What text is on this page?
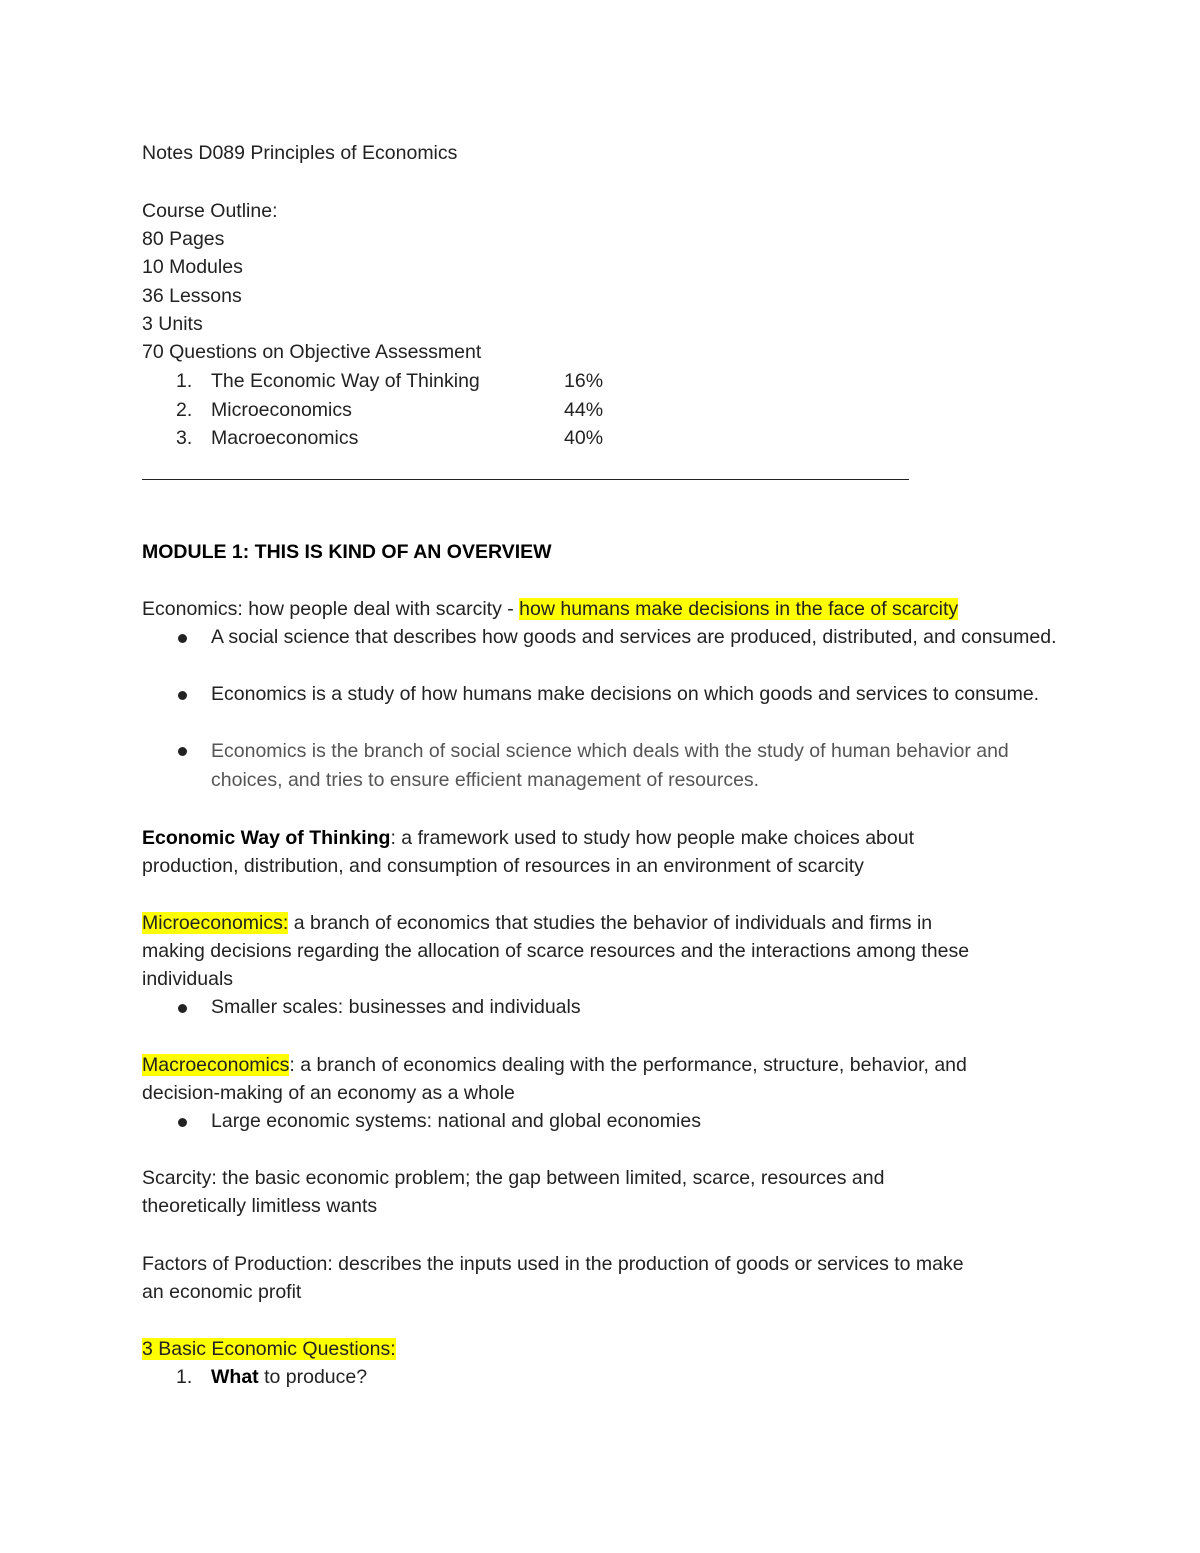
Notes D089 Principles of Economics
Course Outline:
80 Pages
10 Modules
36 Lessons
3 Units
70 Questions on Objective Assessment
1. The Economic Way of Thinking	16%
2. Microeconomics	44%
3. Macroeconomics	40%
MODULE 1: THIS IS KIND OF AN OVERVIEW
Economics: how people deal with scarcity - how humans make decisions in the face of scarcity
A social science that describes how goods and services are produced, distributed, and consumed.
Economics is a study of how humans make decisions on which goods and services to consume.
Economics is the branch of social science which deals with the study of human behavior and choices, and tries to ensure efficient management of resources.
Economic Way of Thinking: a framework used to study how people make choices about
production, distribution, and consumption of resources in an environment of scarcity
Microeconomics: a branch of economics that studies the behavior of individuals and firms in
making decisions regarding the allocation of scarce resources and the interactions among these
individuals
Smaller scales: businesses and individuals
Macroeconomics: a branch of economics dealing with the performance, structure, behavior, and
decision-making of an economy as a whole
Large economic systems: national and global economies
Scarcity: the basic economic problem; the gap between limited, scarce, resources and
theoretically limitless wants
Factors of Production: describes the inputs used in the production of goods or services to make
an economic profit
3 Basic Economic Questions:
1. What to produce?
